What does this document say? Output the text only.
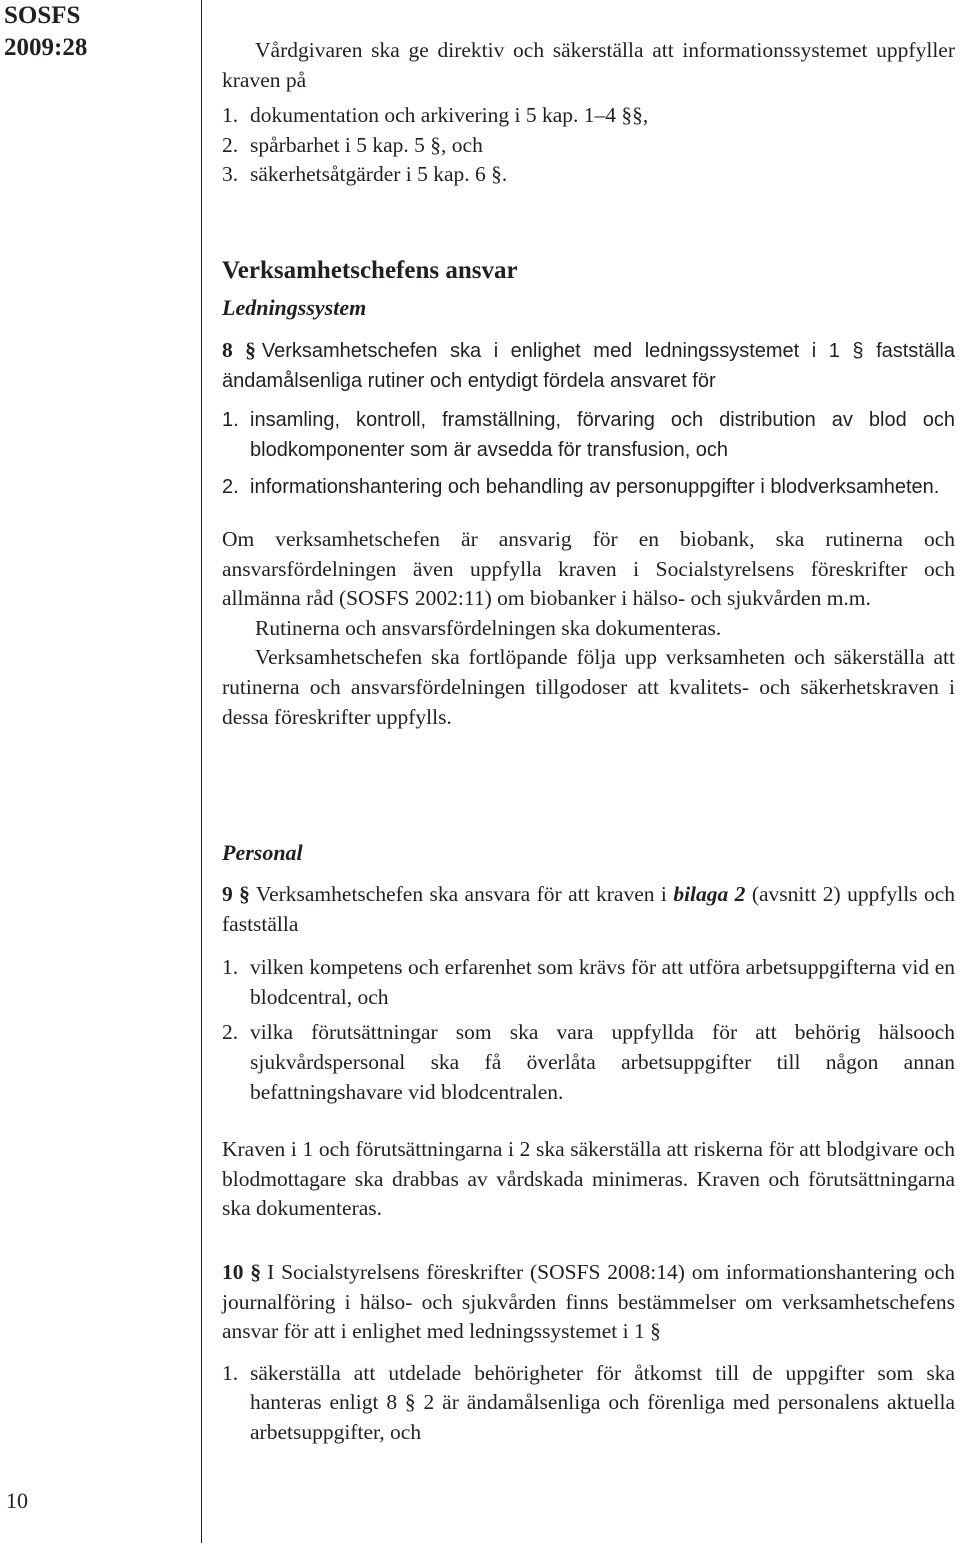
SOSFS
2009:28
10

Vårdgivaren ska ge direktiv och säkerställa att informationssystemet uppfyller kraven på

1. dokumentation och arkivering i 5 kap. 1–4 §§,
2. spårbarhet i 5 kap. 5 §, och
3. säkerhetsåtgärder i 5 kap. 6 §.
Verksamhetschefens ansvar
Ledningssystem

8 § Verksamhetschefen ska i enlighet med ledningssystemet i 1 § fastställa ändamålsenliga rutiner och entydigt fördela ansvaret för

1. insamling, kontroll, framställning, förvaring och distribution av blod och blodkomponenter som är avsedda för transfusion, och
2. informationshantering och behandling av personuppgifter i blodverksamheten.

Om verksamhetschefen är ansvarig för en biobank, ska rutinerna och ansvarsfördelningen även uppfylla kraven i Socialstyrelsens föreskrifter och allmänna råd (SOSFS 2002:11) om biobanker i hälso- och sjukvården m.m.

Rutinerna och ansvarsfördelningen ska dokumenteras.

Verksamhetschefen ska fortlöpande följa upp verksamheten och säkerställa att rutinerna och ansvarsfördelningen tillgodoser att kvalitets- och säkerhetskraven i dessa föreskrifter uppfylls.

Personal

9 § Verksamhetschefen ska ansvara för att kraven i bilaga 2 (avsnitt 2) uppfylls och fastställa

1. vilken kompetens och erfarenhet som krävs för att utföra arbetsuppgifterna vid en blodcentral, och
2. vilka förutsättningar som ska vara uppfyllda för att behörig hälsooch sjukvårdspersonal ska få överlåta arbetsuppgifter till någon annan befattningshavare vid blodcentralen.

Kraven i 1 och förutsättningarna i 2 ska säkerställa att riskerna för att blodgivare och blodmottagare ska drabbas av vårdskada minimeras. Kraven och förutsättningarna ska dokumenteras.

10 § I Socialstyrelsens föreskrifter (SOSFS 2008:14) om informationshantering och journalföring i hälso- och sjukvården finns bestämmelser om verksamhetschefens ansvar för att i enlighet med ledningssystemet i 1 §

1. säkerställa att utdelade behörigheter för åtkomst till de uppgifter som ska hanteras enligt 8 § 2 är ändamålsenliga och förenliga med personalens aktuella arbetsuppgifter, och
